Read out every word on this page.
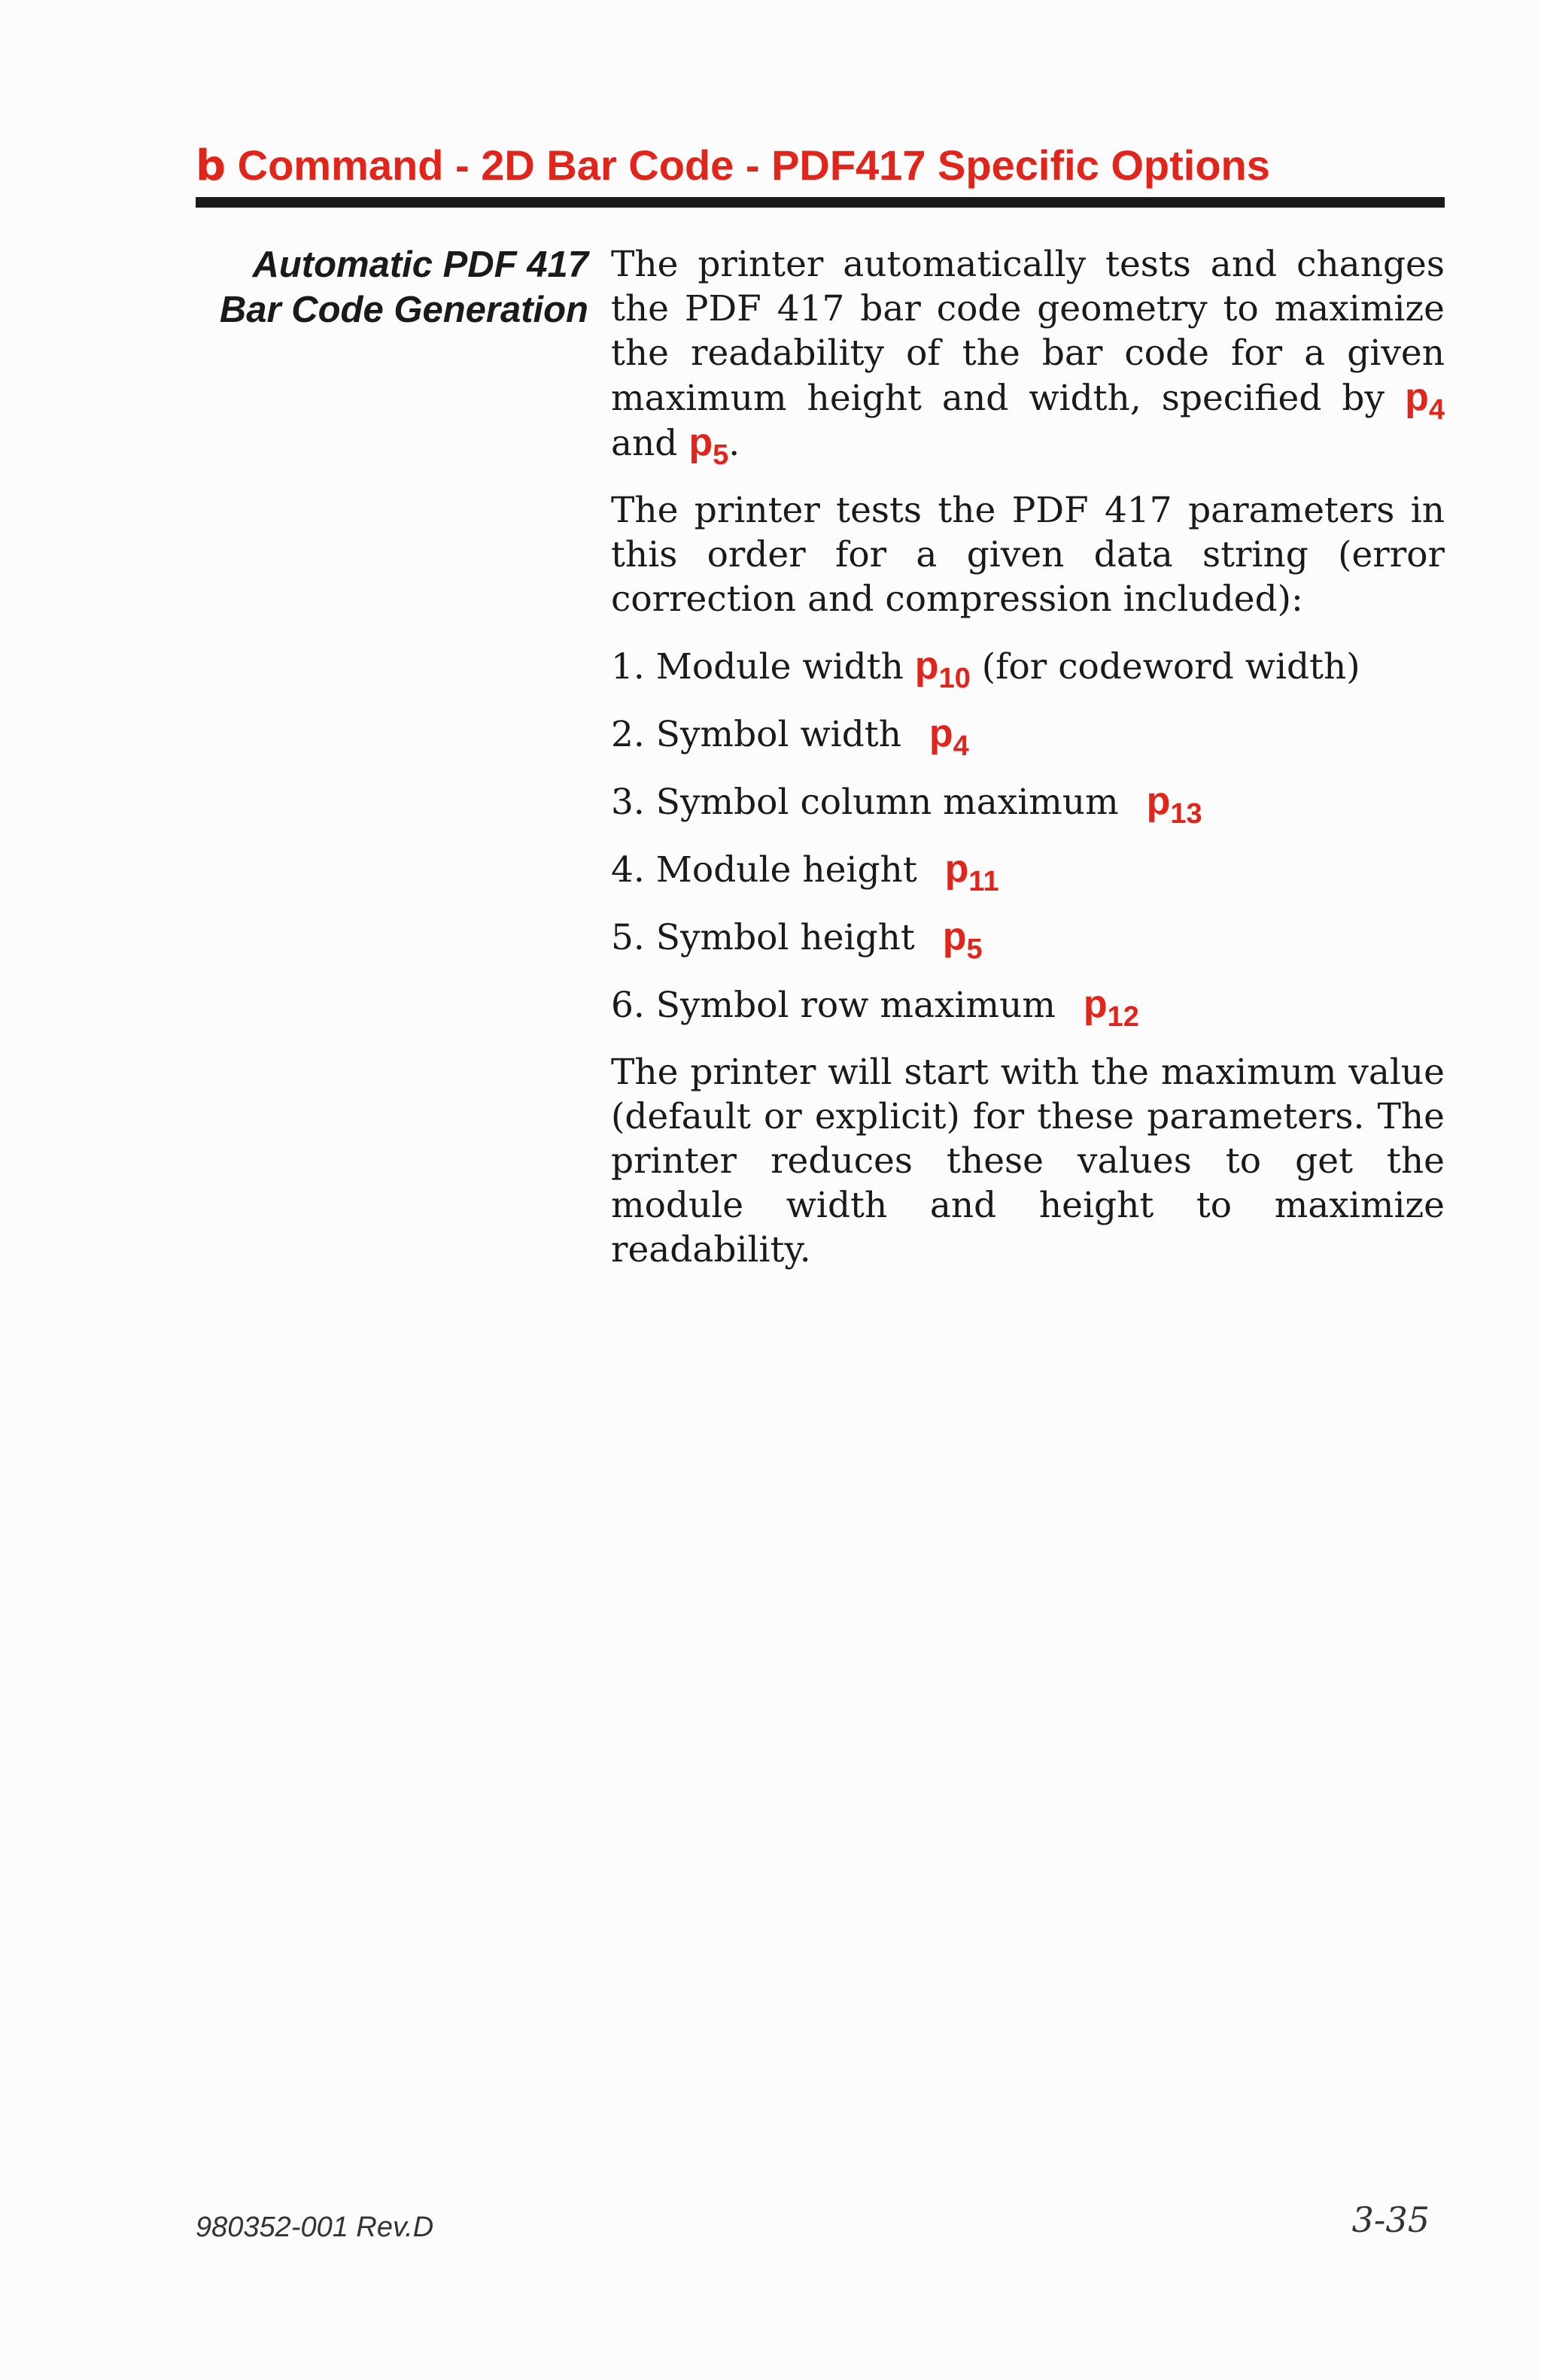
b Command - 2D Bar Code - PDF417 Specific Options
Automatic PDF 417
Bar Code Generation

The printer automatically tests and changes the PDF 417 bar code geometry to maximize the readability of the bar code for a given maximum height and width, specified by $p_4$ and $p_5$.

The printer tests the PDF 417 parameters in this order for a given data string (error correction and compression included):

1. Module width $p_{10}$ (for codeword width)
2. Symbol width $p_4$
3. Symbol column maximum $p_{13}$
4. Module height $p_{11}$
5. Symbol height $p_5$
6. Symbol row maximum $p_{12}$

The printer will start with the maximum value (default or explicit) for these parameters. The printer reduces these values to get the module width and height to maximize readability.

980352-001 Rev.D	3-35
